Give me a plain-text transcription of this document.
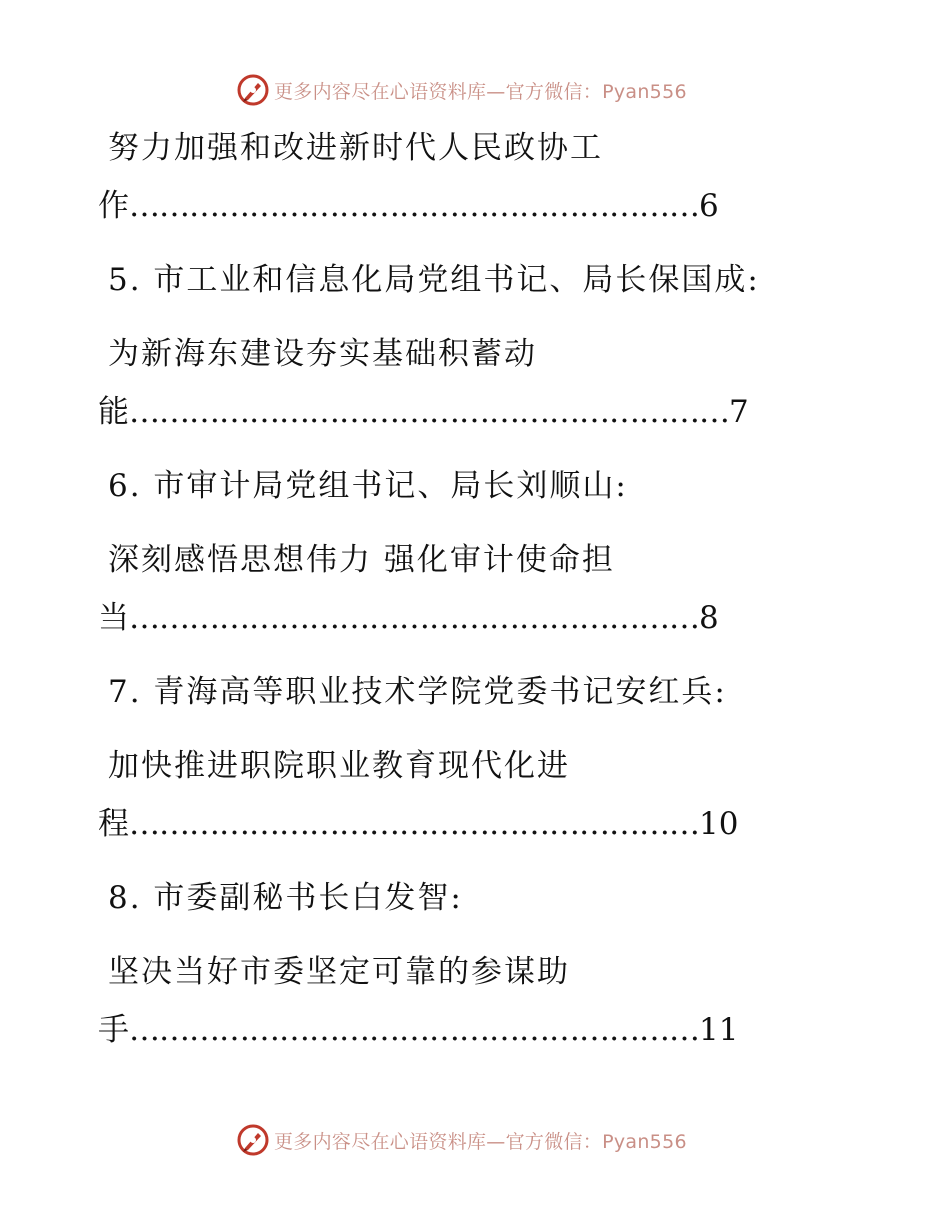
更多内容尽在心语资料库—官方微信：Pyan556
努力加强和改进新时代人民政协工
作…………………………………………………6
5. 市工业和信息化局党组书记、局长保国成:
为新海东建设夯实基础积蓄动
能……………………………………………………7
6. 市审计局党组书记、局长刘顺山:
深刻感悟思想伟力 强化审计使命担
当…………………………………………………8
7. 青海高等职业技术学院党委书记安红兵:
加快推进职院职业教育现代化进
程…………………………………………………10
8. 市委副秘书长白发智:
坚决当好市委坚定可靠的参谋助
手…………………………………………………11
更多内容尽在心语资料库—官方微信：Pyan556
